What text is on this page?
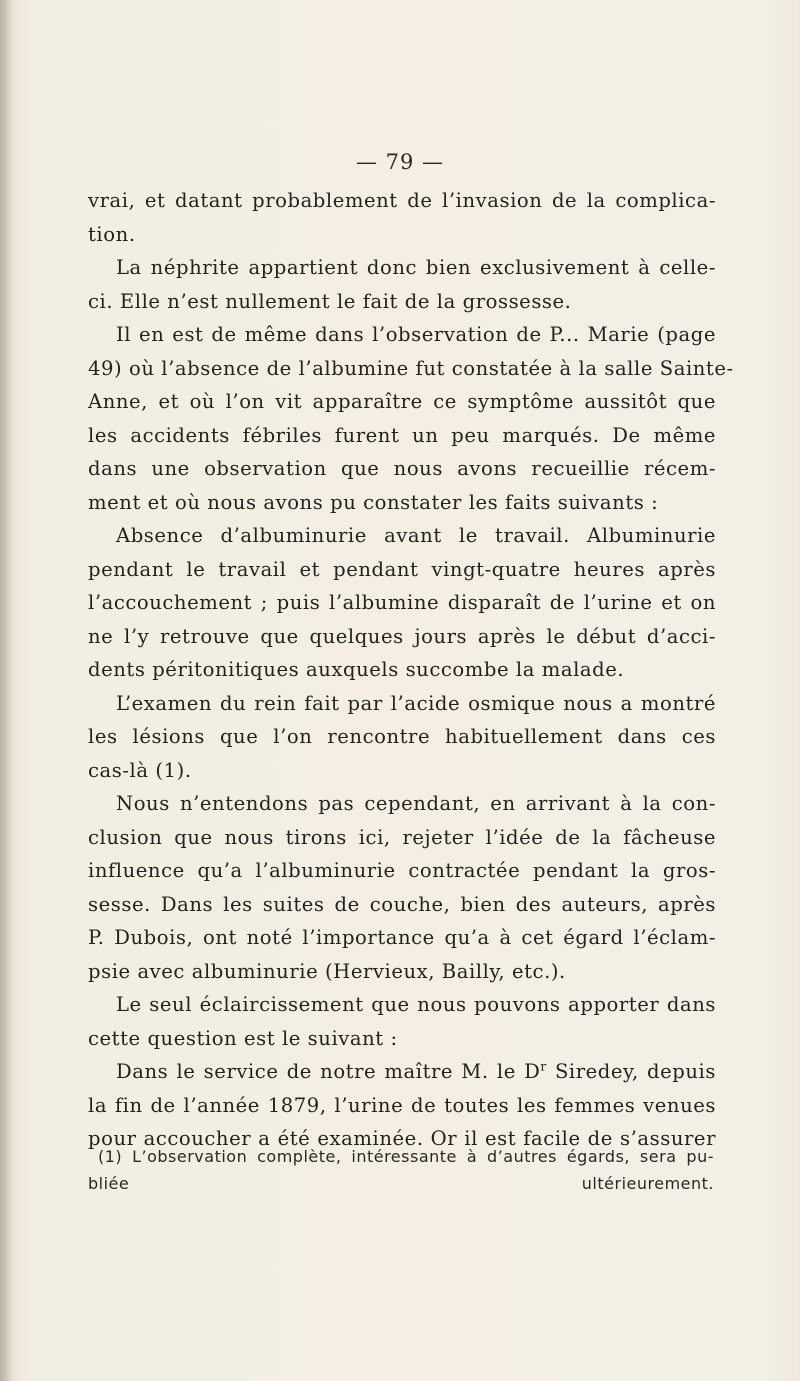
— 79 —
vrai, et datant probablement de l’invasion de la complica-
tion.
La néphrite appartient donc bien exclusivement à celle-
ci. Elle n’est nullement le fait de la grossesse.
Il en est de même dans l’observation de P... Marie (page
49) où l’absence de l’albumine fut constatée à la salle Sainte-
Anne, et où l’on vit apparaître ce symptôme aussitôt que
les accidents fébriles furent un peu marqués. De même
dans une observation que nous avons recueillie récem-
ment et où nous avons pu constater les faits suivants :
Absence d’albuminurie avant le travail. Albuminurie
pendant le travail et pendant vingt-quatre heures après
l’accouchement ; puis l’albumine disparaît de l’urine et on
ne l’y retrouve que quelques jours après le début d’acci-
dents péritonitiques auxquels succombe la malade.
L’examen du rein fait par l’acide osmique nous a montré
les lésions que l’on rencontre habituellement dans ces
cas-là (1).
Nous n’entendons pas cependant, en arrivant à la con-
clusion que nous tirons ici, rejeter l’idée de la fâcheuse
influence qu’a l’albuminurie contractée pendant la gros-
sesse. Dans les suites de couche, bien des auteurs, après
P. Dubois, ont noté l’importance qu’a à cet égard l’éclam-
psie avec albuminurie (Hervieux, Bailly, etc.).
Le seul éclaircissement que nous pouvons apporter dans
cette question est le suivant :
Dans le service de notre maître M. le $D^r$ Siredey, depuis
la fin de l’année 1879, l’urine de toutes les femmes venues
pour accoucher a été examinée. Or il est facile de s’assurer
(1) L’observation complète, intéressante à d’autres égards, sera pu-
bliée ultérieurement.
